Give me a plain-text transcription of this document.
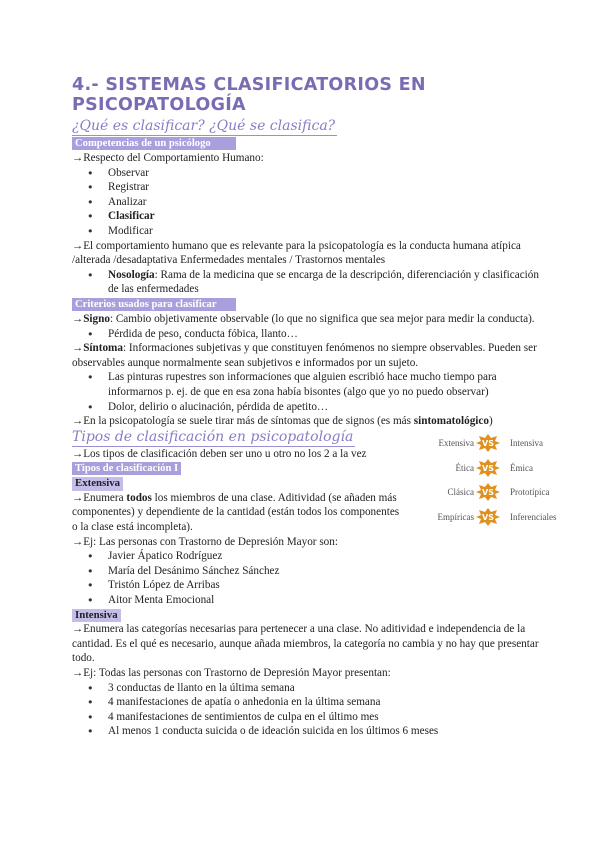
4.- SISTEMAS CLASIFICATORIOS EN PSICOPATOLOGÍA

¿Qué es clasificar? ¿Qué se clasifica?

Competencias de un psicólogo

→Respecto del Comportamiento Humano:

● Observar
● Registrar
● Analizar
● Clasificar
● Modificar

→El comportamiento humano que es relevante para la psicopatología es la conducta humana atípica /alterada /desadaptativa Enfermedades mentales / Trastornos mentales

● Nosología: Rama de la medicina que se encarga de la descripción, diferenciación y clasificación de las enfermedades

Criterios usados para clasificar

→Signo: Cambio objetivamente observable (lo que no significa que sea mejor para medir la conducta).

● Pérdida de peso, conducta fóbica, llanto…

→Síntoma: Informaciones subjetivas y que constituyen fenómenos no siempre observables. Pueden ser observables aunque normalmente sean subjetivos e informados por un sujeto.

● Las pinturas rupestres son informaciones que alguien escribió hace mucho tiempo para informarnos p. ej. de que en esa zona había bisontes (algo que yo no puedo observar)
● Dolor, delirio o alucinación, pérdida de apetito…

→En la psicopatología se suele tirar más de síntomas que de signos (es más sintomatológico)

Tipos de clasificación en psicopatología

→Los tipos de clasificación deben ser uno u otro no los 2 a la vez

Tipos de clasificación I

Extensiva

→Enumera todos los miembros de una clase. Aditividad (se añaden más componentes) y dependiente de la cantidad (están todos los componentes o la clase está incompleta).

→Ej: Las personas con Trastorno de Depresión Mayor son:

● Javier Ápatico Rodríguez
● María del Desánimo Sánchez Sánchez
● Tristón López de Arribas
● Aitor Menta Emocional

Intensiva

→Enumera las categorías necesarias para pertenecer a una clase. No aditividad e independencia de la cantidad. Es el qué es necesario, aunque añada miembros, la categoría no cambia y no hay que presentar todo.

→Ej: Todas las personas con Trastorno de Depresión Mayor presentan:

● 3 conductas de llanto en la última semana
● 4 manifestaciones de apatía o anhedonia en la última semana
● 4 manifestaciones de sentimientos de culpa en el último mes
● Al menos 1 conducta suicida o de ideación suicida en los últimos 6 meses
Extensiva VS Intensiva
Ética VS Émica
Clásica VS Prototípica
Empíricas VS Inferenciales
